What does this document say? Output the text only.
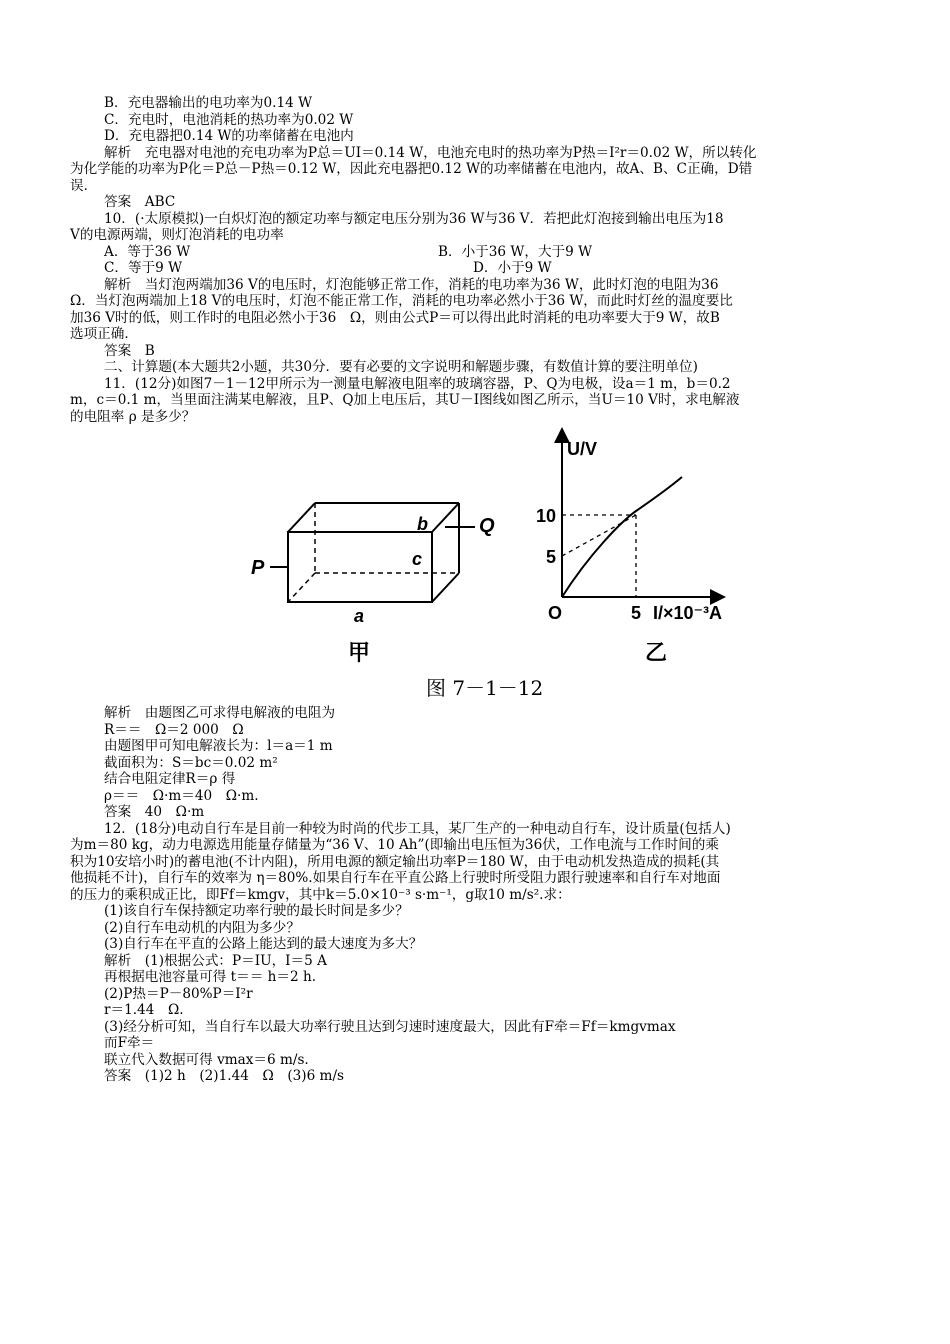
B．充电器输出的电功率为0.14 W
C．充电时，电池消耗的热功率为0.02 W
D．充电器把0.14 W的功率储蓄在电池内
解析　充电器对电池的充电功率为P总＝UI＝0.14 W，电池充电时的热功率为P热＝I²r＝0.02 W，所以转化
为化学能的功率为P化＝P总－P热＝0.12 W，因此充电器把0.12 W的功率储蓄在电池内，故A、B、C正确，D错
误．
答案　ABC
10．(·太原模拟)一白炽灯泡的额定功率与额定电压分别为36 W与36 V．若把此灯泡接到输出电压为18
V的电源两端，则灯泡消耗的电功率
A．等于36 W	B．小于36 W，大于9 W
C．等于9 W	D．小于9 W
解析　当灯泡两端加36 V的电压时，灯泡能够正常工作，消耗的电功率为36 W，此时灯泡的电阻为36
Ω．当灯泡两端加上18 V的电压时，灯泡不能正常工作，消耗的电功率必然小于36 W，而此时灯丝的温度要比
加36 V时的低，则工作时的电阻必然小于36　Ω，则由公式P＝可以得出此时消耗的电功率要大于9 W，故B
选项正确．
答案　B
二、计算题(本大题共2小题，共30分．要有必要的文字说明和解题步骤，有数值计算的要注明单位)
11．(12分)如图7－1－12甲所示为一测量电解液电阻率的玻璃容器，P、Q为电极，设a＝1 m，b＝0.2
m，c＝0.1 m，当里面注满某电解液，且P、Q加上电压后，其U－I图线如图乙所示，当U＝10 V时，求电解液
的电阻率 ρ 是多少？
P
Q
b
c
a
甲
U/V
I/×10⁻³A
O
10
5
5
乙
图 7－1－12
解析　由题图乙可求得电解液的电阻为
R＝＝　Ω＝2 000　Ω
由题图甲可知电解液长为：l＝a＝1 m
截面积为：S＝bc＝0.02 m²
结合电阻定律R＝ρ 得
ρ＝＝　Ω·m＝40　Ω·m.
答案　40　Ω·m
12．(18分)电动自行车是目前一种较为时尚的代步工具，某厂生产的一种电动自行车，设计质量(包括人)
为m＝80 kg，动力电源选用能量存储量为“36 V、10 Ah”(即输出电压恒为36伏，工作电流与工作时间的乘
积为10安培小时)的蓄电池(不计内阻)，所用电源的额定输出功率P＝180 W，由于电动机发热造成的损耗(其
他损耗不计)，自行车的效率为 η＝80%.如果自行车在平直公路上行驶时所受阻力跟行驶速率和自行车对地面
的压力的乘积成正比，即Ff＝kmgv，其中k＝5.0×10⁻³ s·m⁻¹，g取10 m/s².求：
(1)该自行车保持额定功率行驶的最长时间是多少？
(2)自行车电动机的内阻为多少？
(3)自行车在平直的公路上能达到的最大速度为多大？
解析　(1)根据公式：P＝IU，I＝5 A
再根据电池容量可得 t＝＝ h＝2 h.
(2)P热＝P－80%P＝I²r
r＝1.44　Ω.
(3)经分析可知，当自行车以最大功率行驶且达到匀速时速度最大，因此有F牵＝Ff＝kmgvmax
而F牵＝
联立代入数据可得 vmax＝6 m/s.
答案　(1)2 h　(2)1.44　Ω　(3)6 m/s
